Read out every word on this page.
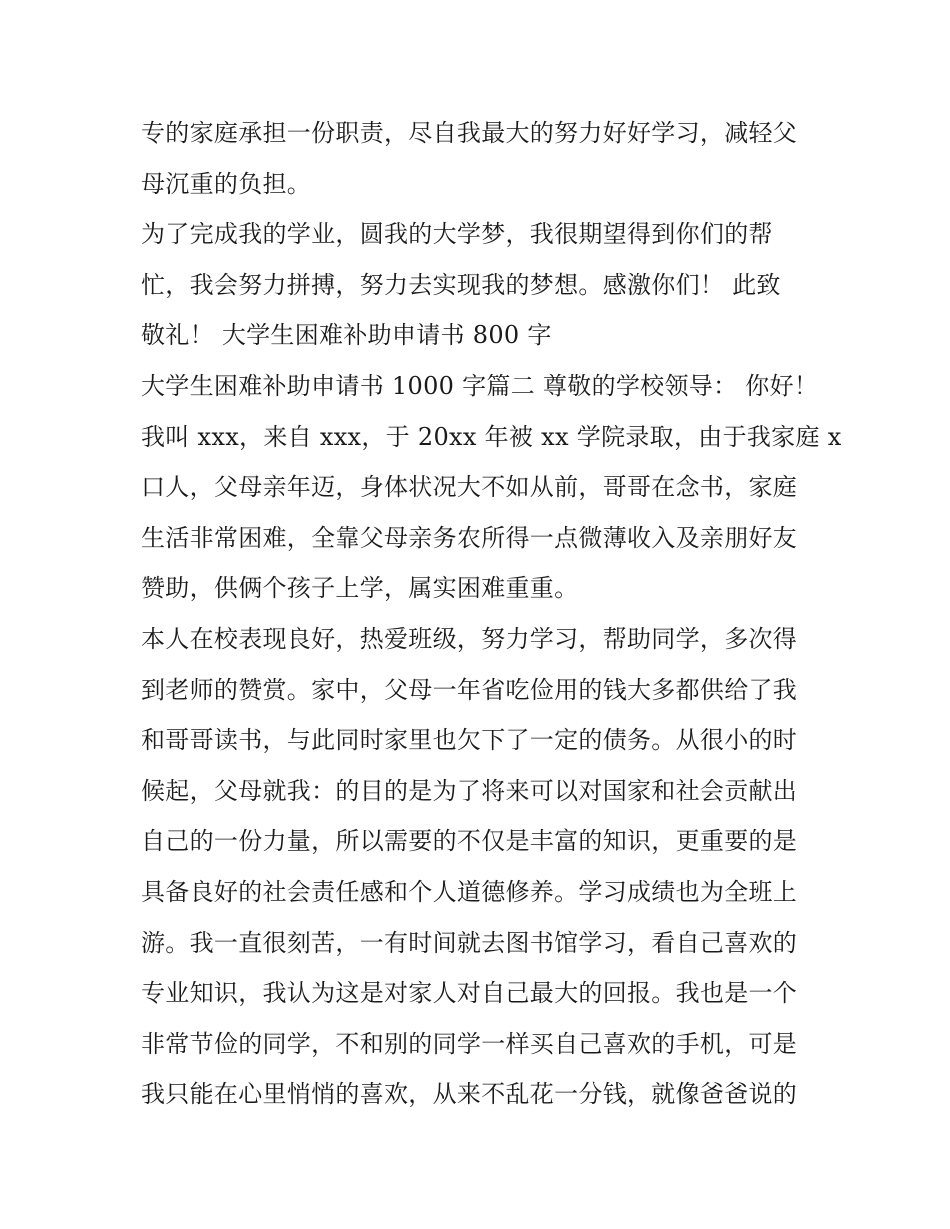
专的家庭承担一份职责，尽自我最大的努力好好学习，减轻父
母沉重的负担。
为了完成我的学业，圆我的大学梦，我很期望得到你们的帮
忙，我会努力拼搏，努力去实现我的梦想。感激你们！ 此致
敬礼！ 大学生困难补助申请书 800 字
大学生困难补助申请书 1000 字篇二 尊敬的学校领导： 你好！
我叫 xxx，来自 xxx，于 20xx 年被 xx 学院录取，由于我家庭 x
口人，父母亲年迈，身体状况大不如从前，哥哥在念书，家庭
生活非常困难，全靠父母亲务农所得一点微薄收入及亲朋好友
赞助，供俩个孩子上学，属实困难重重。
本人在校表现良好，热爱班级，努力学习，帮助同学，多次得
到老师的赞赏。家中，父母一年省吃俭用的钱大多都供给了我
和哥哥读书，与此同时家里也欠下了一定的债务。从很小的时
候起，父母就我：的目的是为了将来可以对国家和社会贡献出
自己的一份力量，所以需要的不仅是丰富的知识，更重要的是
具备良好的社会责任感和个人道德修养。学习成绩也为全班上
游。我一直很刻苦，一有时间就去图书馆学习，看自己喜欢的
专业知识，我认为这是对家人对自己最大的回报。我也是一个
非常节俭的同学，不和别的同学一样买自己喜欢的手机，可是
我只能在心里悄悄的喜欢，从来不乱花一分钱，就像爸爸说的
